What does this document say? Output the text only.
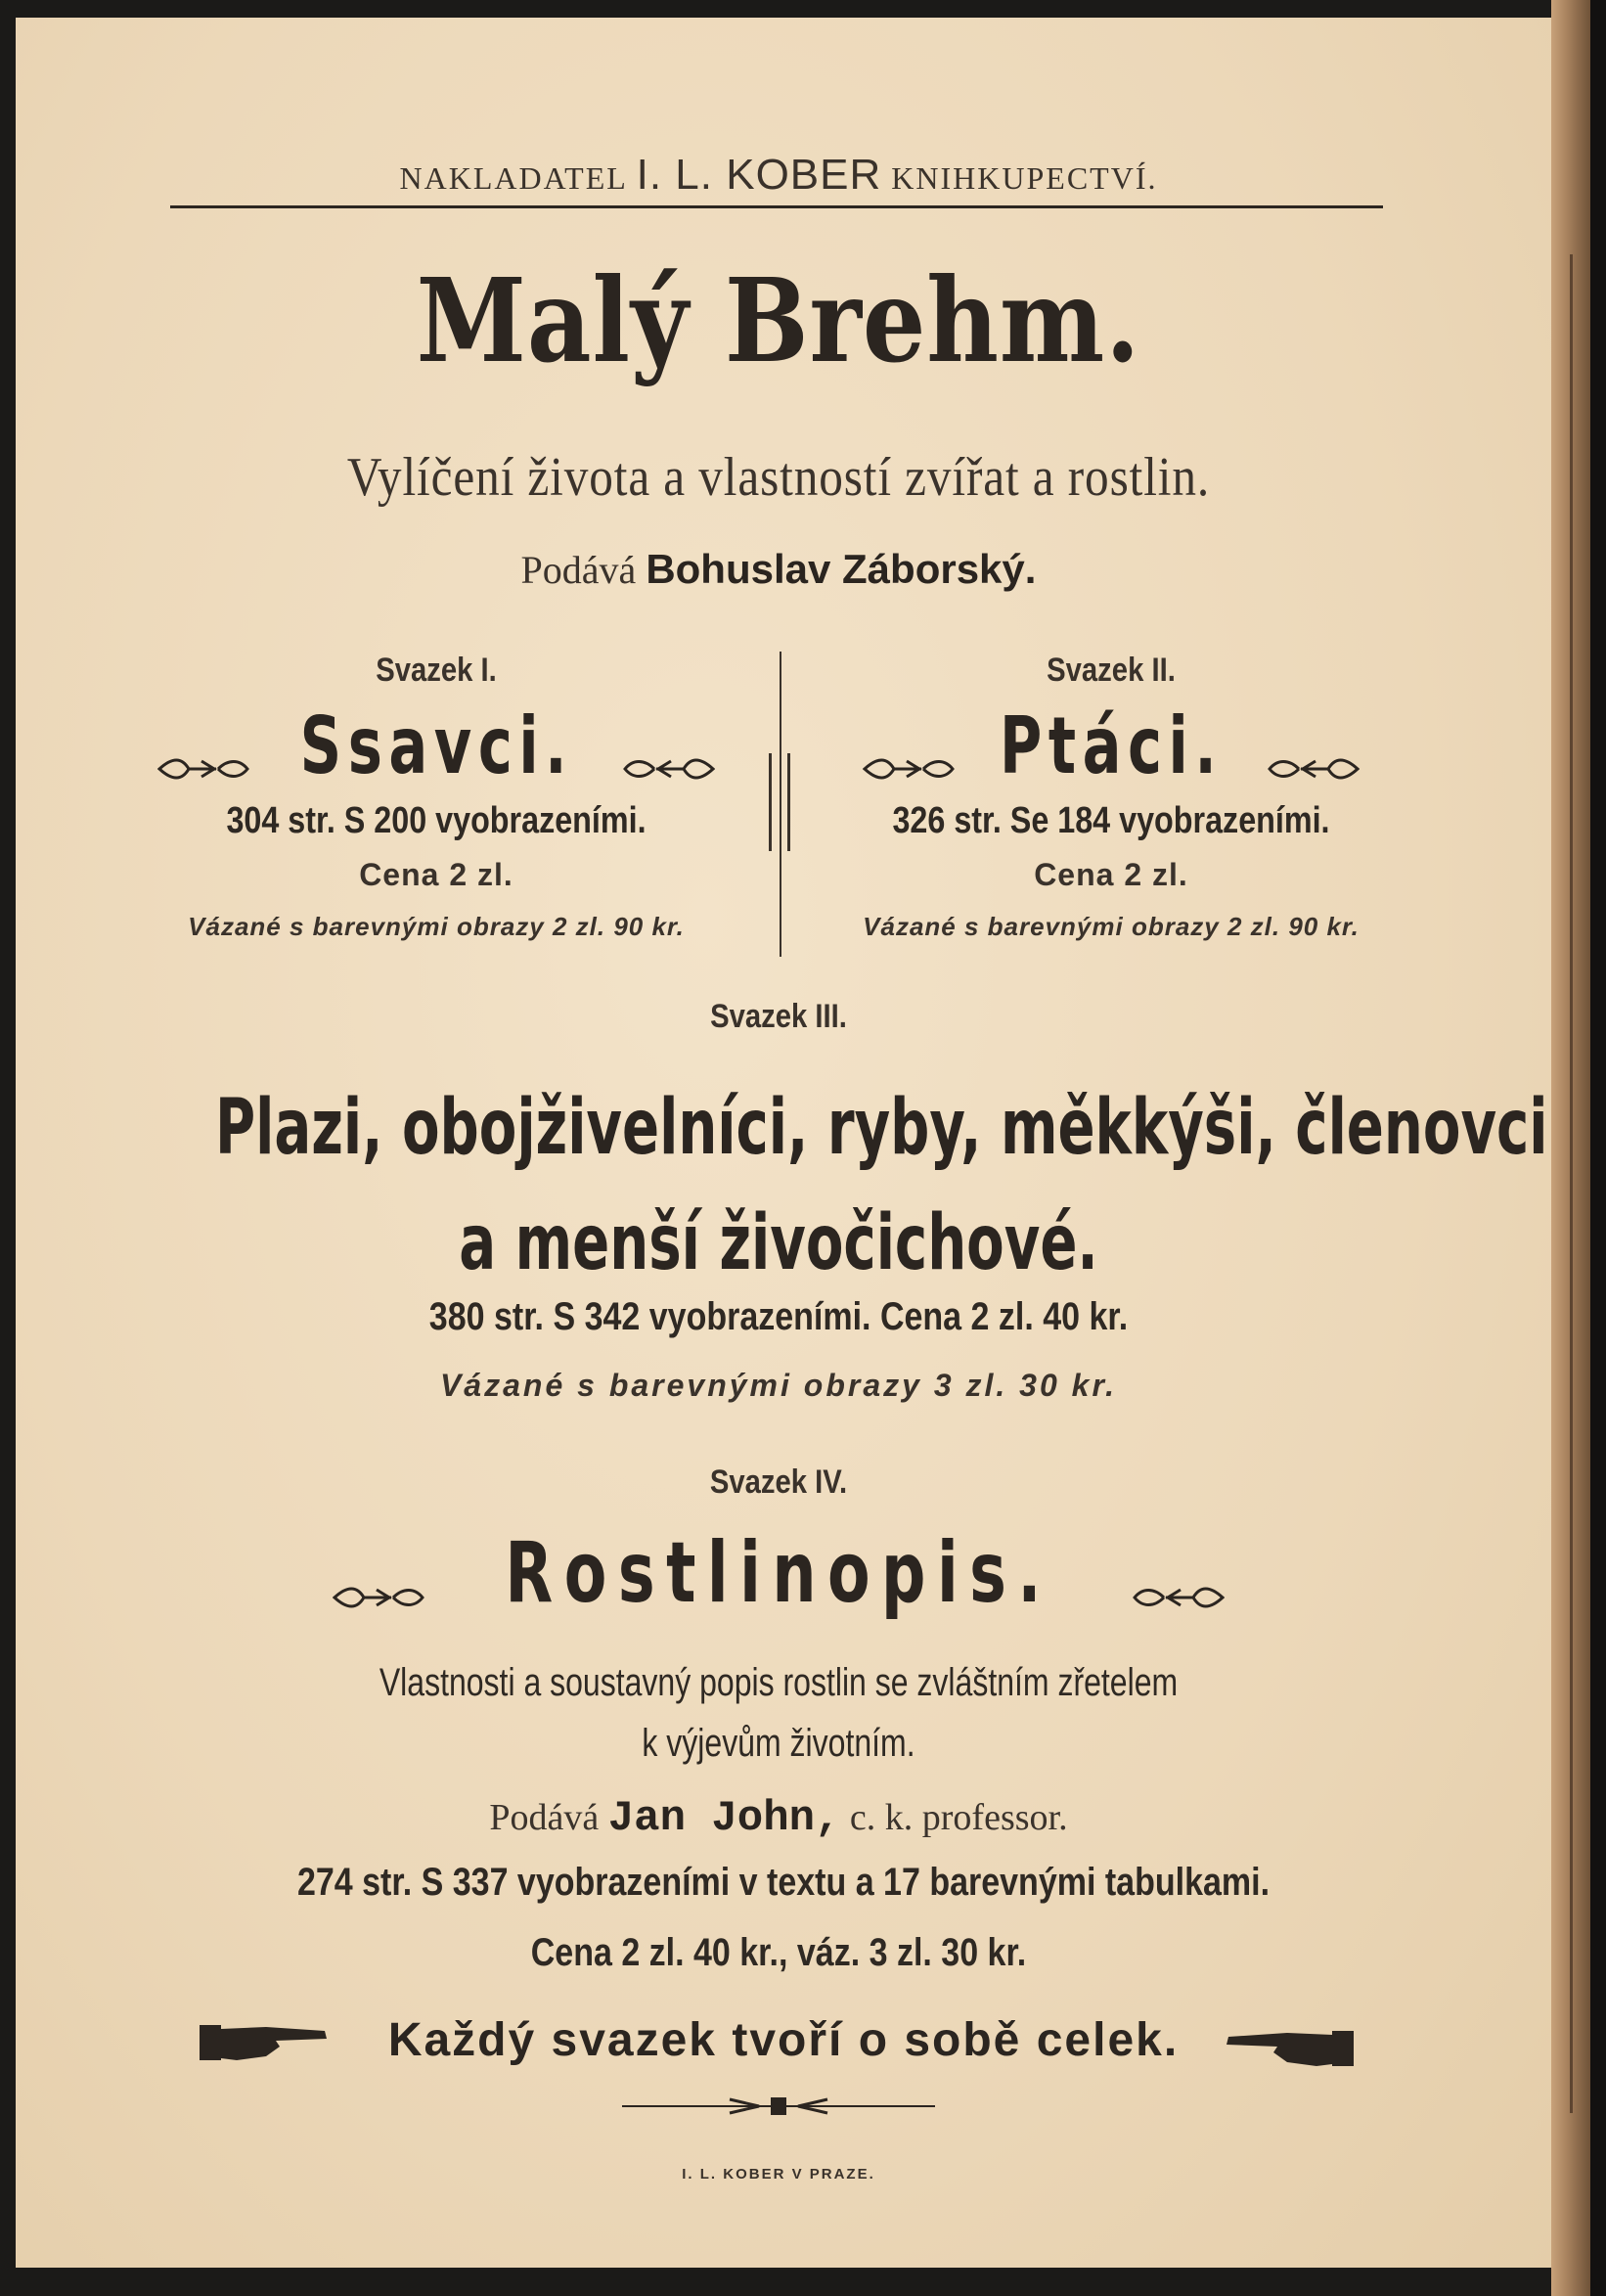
NAKLADATEL I. L. KOBER KNIHKUPECTVÍ.
Malý Brehm.
Vylíčení života a vlastností zvířat a rostlin.
Podává Bohuslav Záborský.
Svazek I.
Ssavci.
304 str. S 200 vyobrazeními.
Cena 2 zl.
Vázané s barevnými obrazy 2 zl. 90 kr.
Svazek II.
Ptáci.
326 str. Se 184 vyobrazeními.
Cena 2 zl.
Vázané s barevnými obrazy 2 zl. 90 kr.
Svazek III.
Plazi, obojživelníci, ryby, měkkýši, členovci
a menší živočichové.
380 str. S 342 vyobrazeními. Cena 2 zl. 40 kr.
Vázané s barevnými obrazy 3 zl. 30 kr.
Svazek IV.
Rostlinopis.
Vlastnosti a soustavný popis rostlin se zvláštním zřetelem
k výjevům životním.
Podává Jan John, c. k. professor.
274 str. S 337 vyobrazeními v textu a 17 barevnými tabulkami.
Cena 2 zl. 40 kr., váz. 3 zl. 30 kr.
Každý svazek tvoří o sobě celek.
I. L. KOBER V PRAZE.
